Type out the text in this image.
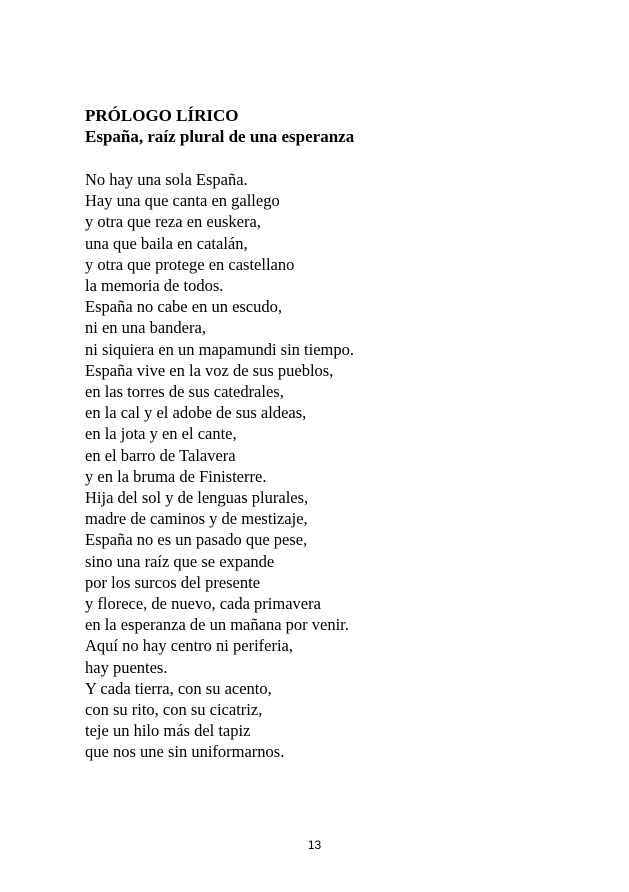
PRÓLOGO LÍRICO
España, raíz plural de una esperanza
No hay una sola España.
Hay una que canta en gallego
y otra que reza en euskera,
una que baila en catalán,
y otra que protege en castellano
la memoria de todos.
España no cabe en un escudo,
ni en una bandera,
ni siquiera en un mapamundi sin tiempo.
España vive en la voz de sus pueblos,
en las torres de sus catedrales,
en la cal y el adobe de sus aldeas,
en la jota y en el cante,
en el barro de Talavera
y en la bruma de Finisterre.
Hija del sol y de lenguas plurales,
madre de caminos y de mestizaje,
España no es un pasado que pese,
sino una raíz que se expande
por los surcos del presente
y florece, de nuevo, cada primavera
en la esperanza de un mañana por venir.
Aquí no hay centro ni periferia,
hay puentes.
Y cada tierra, con su acento,
con su rito, con su cicatriz,
teje un hilo más del tapiz
que nos une sin uniformarnos.
13
